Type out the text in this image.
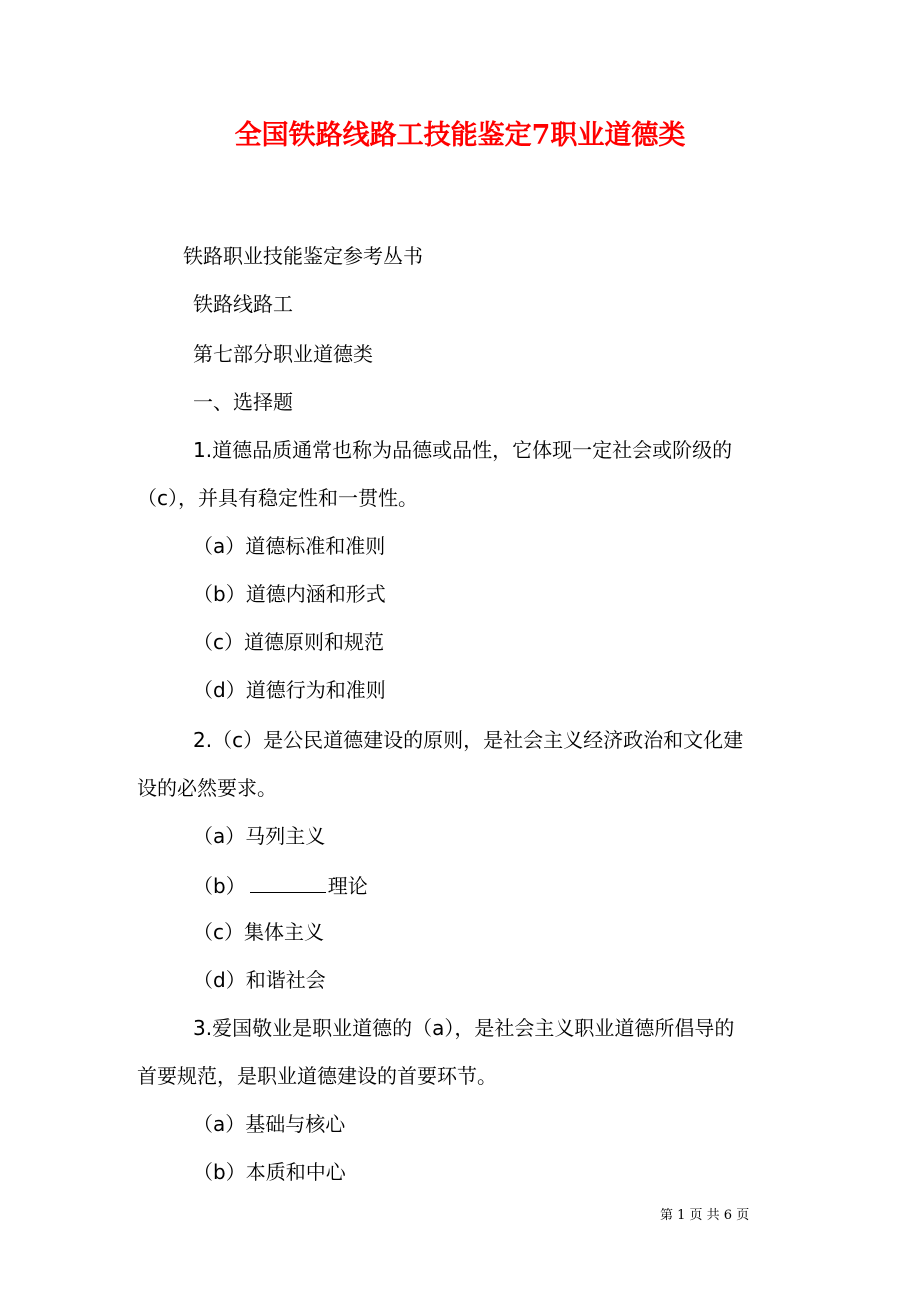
全国铁路线路工技能鉴定7职业道德类

铁路职业技能鉴定参考丛书

铁路线路工

第七部分职业道德类

一、选择题

1.道德品质通常也称为品德或品性，它体现一定社会或阶级的

（c），并具有稳定性和一贯性。

（a）道德标准和准则

（b）道德内涵和形式

（c）道德原则和规范

（d）道德行为和准则

2.（c）是公民道德建设的原则，是社会主义经济政治和文化建

设的必然要求。

（a）马列主义

（b）	理论

（c）集体主义

（d）和谐社会

3.爱国敬业是职业道德的（a），是社会主义职业道德所倡导的

首要规范，是职业道德建设的首要环节。

（a）基础与核心

（b）本质和中心

第 1 页 共 6 页
